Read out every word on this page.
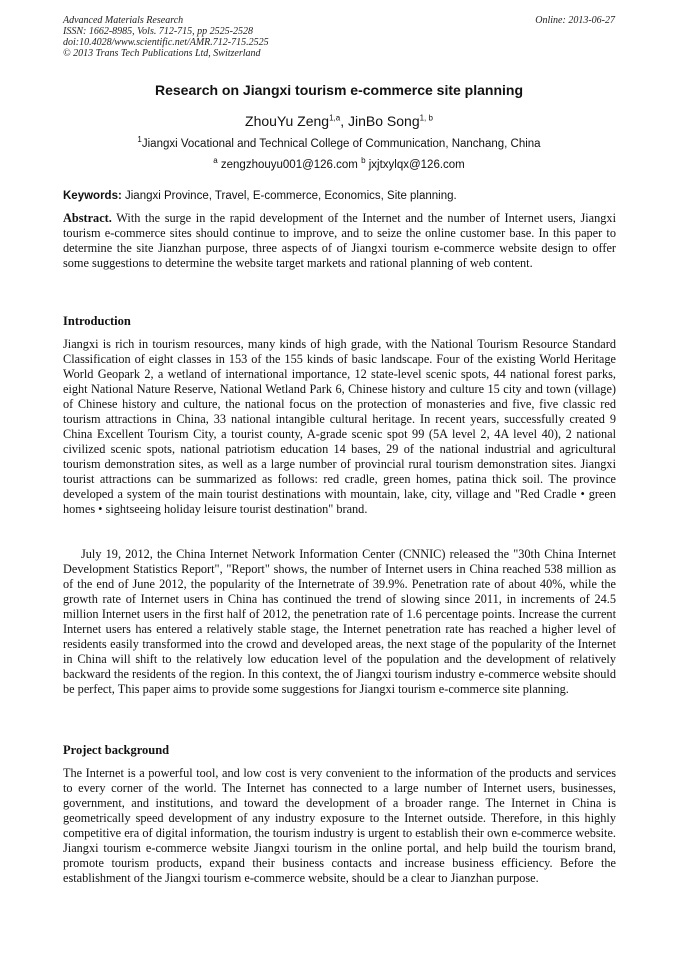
Advanced Materials Research
ISSN: 1662-8985, Vols. 712-715, pp 2525-2528
doi:10.4028/www.scientific.net/AMR.712-715.2525
© 2013 Trans Tech Publications Ltd, Switzerland
Online: 2013-06-27
Research on Jiangxi tourism e-commerce site planning
ZhouYu Zeng$^{1,a}$, JinBo Song$^{1, b}$
$^1$Jiangxi Vocational and Technical College of Communication, Nanchang, China
$^a$ zengzhouyu001@126.com $^b$ jxjtxylqx@126.com
Keywords: Jiangxi Province, Travel, E-commerce, Economics, Site planning.

Abstract. With the surge in the rapid development of the Internet and the number of Internet users, Jiangxi tourism e-commerce sites should continue to improve, and to seize the online customer base. In this paper to determine the site Jianzhan purpose, three aspects of of Jiangxi tourism e-commerce website design to offer some suggestions to determine the website target markets and rational planning of web content.

Introduction

Jiangxi is rich in tourism resources, many kinds of high grade, with the National Tourism Resource Standard Classification of eight classes in 153 of the 155 kinds of basic landscape. Four of the existing World Heritage World Geopark 2, a wetland of international importance, 12 state-level scenic spots, 44 national forest parks, eight National Nature Reserve, National Wetland Park 6, Chinese history and culture 15 city and town (village) of Chinese history and culture, the national focus on the protection of monasteries and five, five classic red tourism attractions in China, 33 national intangible cultural heritage. In recent years, successfully created 9 China Excellent Tourism City, a tourist county, A-grade scenic spot 99 (5A level 2, 4A level 40), 2 national civilized scenic spots, national patriotism education 14 bases, 29 of the national industrial and agricultural tourism demonstration sites, as well as a large number of provincial rural tourism demonstration sites. Jiangxi tourist attractions can be summarized as follows: red cradle, green homes, patina thick soil. The province developed a system of the main tourist destinations with mountain, lake, city, village and "Red Cradle • green homes • sightseeing holiday leisure tourist destination" brand.

July 19, 2012, the China Internet Network Information Center (CNNIC) released the "30th China Internet Development Statistics Report", "Report" shows, the number of Internet users in China reached 538 million as of the end of June 2012, the popularity of the Internetrate of 39.9%. Penetration rate of about 40%, while the growth rate of Internet users in China has continued the trend of slowing since 2011, in increments of 24.5 million Internet users in the first half of 2012, the penetration rate of 1.6 percentage points. Increase the current Internet users has entered a relatively stable stage, the Internet penetration rate has reached a higher level of residents easily transformed into the crowd and developed areas, the next stage of the popularity of the Internet in China will shift to the relatively low education level of the population and the development of relatively backward the residents of the region. In this context, the of Jiangxi tourism industry e-commerce website should be perfect, This paper aims to provide some suggestions for Jiangxi tourism e-commerce site planning.

Project background

The Internet is a powerful tool, and low cost is very convenient to the information of the products and services to every corner of the world. The Internet has connected to a large number of Internet users, businesses, government, and institutions, and toward the development of a broader range. The Internet in China is geometrically speed development of any industry exposure to the Internet outside. Therefore, in this highly competitive era of digital information, the tourism industry is urgent to establish their own e-commerce website. Jiangxi tourism e-commerce website Jiangxi tourism in the online portal, and help build the tourism brand, promote tourism products, expand their business contacts and increase business efficiency. Before the establishment of the Jiangxi tourism e-commerce website, should be a clear to Jianzhan purpose.
